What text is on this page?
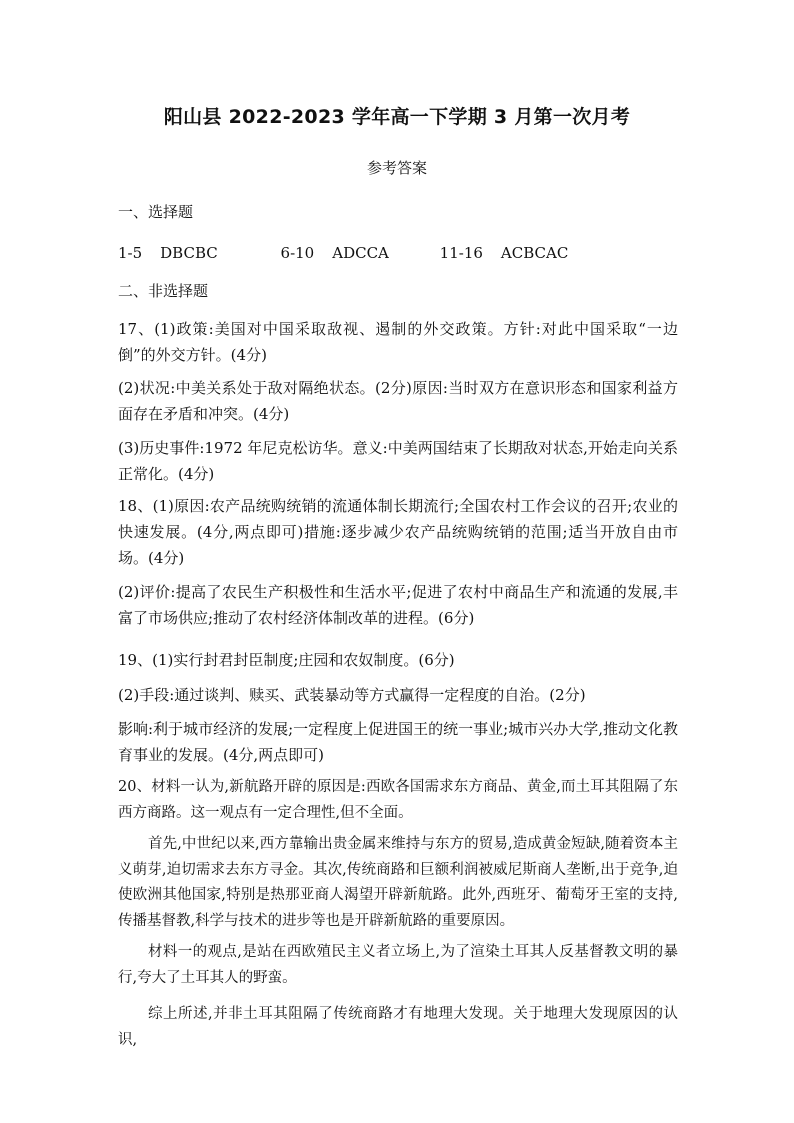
阳山县 2022-2023 学年高一下学期 3 月第一次月考
参考答案
一、选择题
1-5 DBCBC	6-10 ADCCA	11-16 ACBCAC
二、非选择题
17、(1)政策:美国对中国采取敌视、遏制的外交政策。方针:对此中国采取“一边倒”的外交方针。(4分)
(2)状况:中美关系处于敌对隔绝状态。(2分)原因:当时双方在意识形态和国家利益方面存在矛盾和冲突。(4分)
(3)历史事件:1972 年尼克松访华。意义:中美两国结束了长期敌对状态,开始走向关系正常化。(4分)
18、(1)原因:农产品统购统销的流通体制长期流行;全国农村工作会议的召开;农业的快速发展。(4分,两点即可)措施:逐步减少农产品统购统销的范围;适当开放自由市场。(4分)
(2)评价:提高了农民生产积极性和生活水平;促进了农村中商品生产和流通的发展,丰富了市场供应;推动了农村经济体制改革的进程。(6分)
19、(1)实行封君封臣制度;庄园和农奴制度。(6分)
(2)手段:通过谈判、赎买、武装暴动等方式赢得一定程度的自治。(2分)
影响:利于城市经济的发展;一定程度上促进国王的统一事业;城市兴办大学,推动文化教育事业的发展。(4分,两点即可)
20、材料一认为,新航路开辟的原因是:西欧各国需求东方商品、黄金,而土耳其阻隔了东西方商路。这一观点有一定合理性,但不全面。
首先,中世纪以来,西方靠输出贵金属来维持与东方的贸易,造成黄金短缺,随着资本主义萌芽,迫切需求去东方寻金。其次,传统商路和巨额利润被威尼斯商人垄断,出于竞争,迫使欧洲其他国家,特别是热那亚商人渴望开辟新航路。此外,西班牙、葡萄牙王室的支持,传播基督教,科学与技术的进步等也是开辟新航路的重要原因。
材料一的观点,是站在西欧殖民主义者立场上,为了渲染土耳其人反基督教文明的暴行,夸大了土耳其人的野蛮。
综上所述,并非土耳其阻隔了传统商路才有地理大发现。关于地理大发现原因的认识,
